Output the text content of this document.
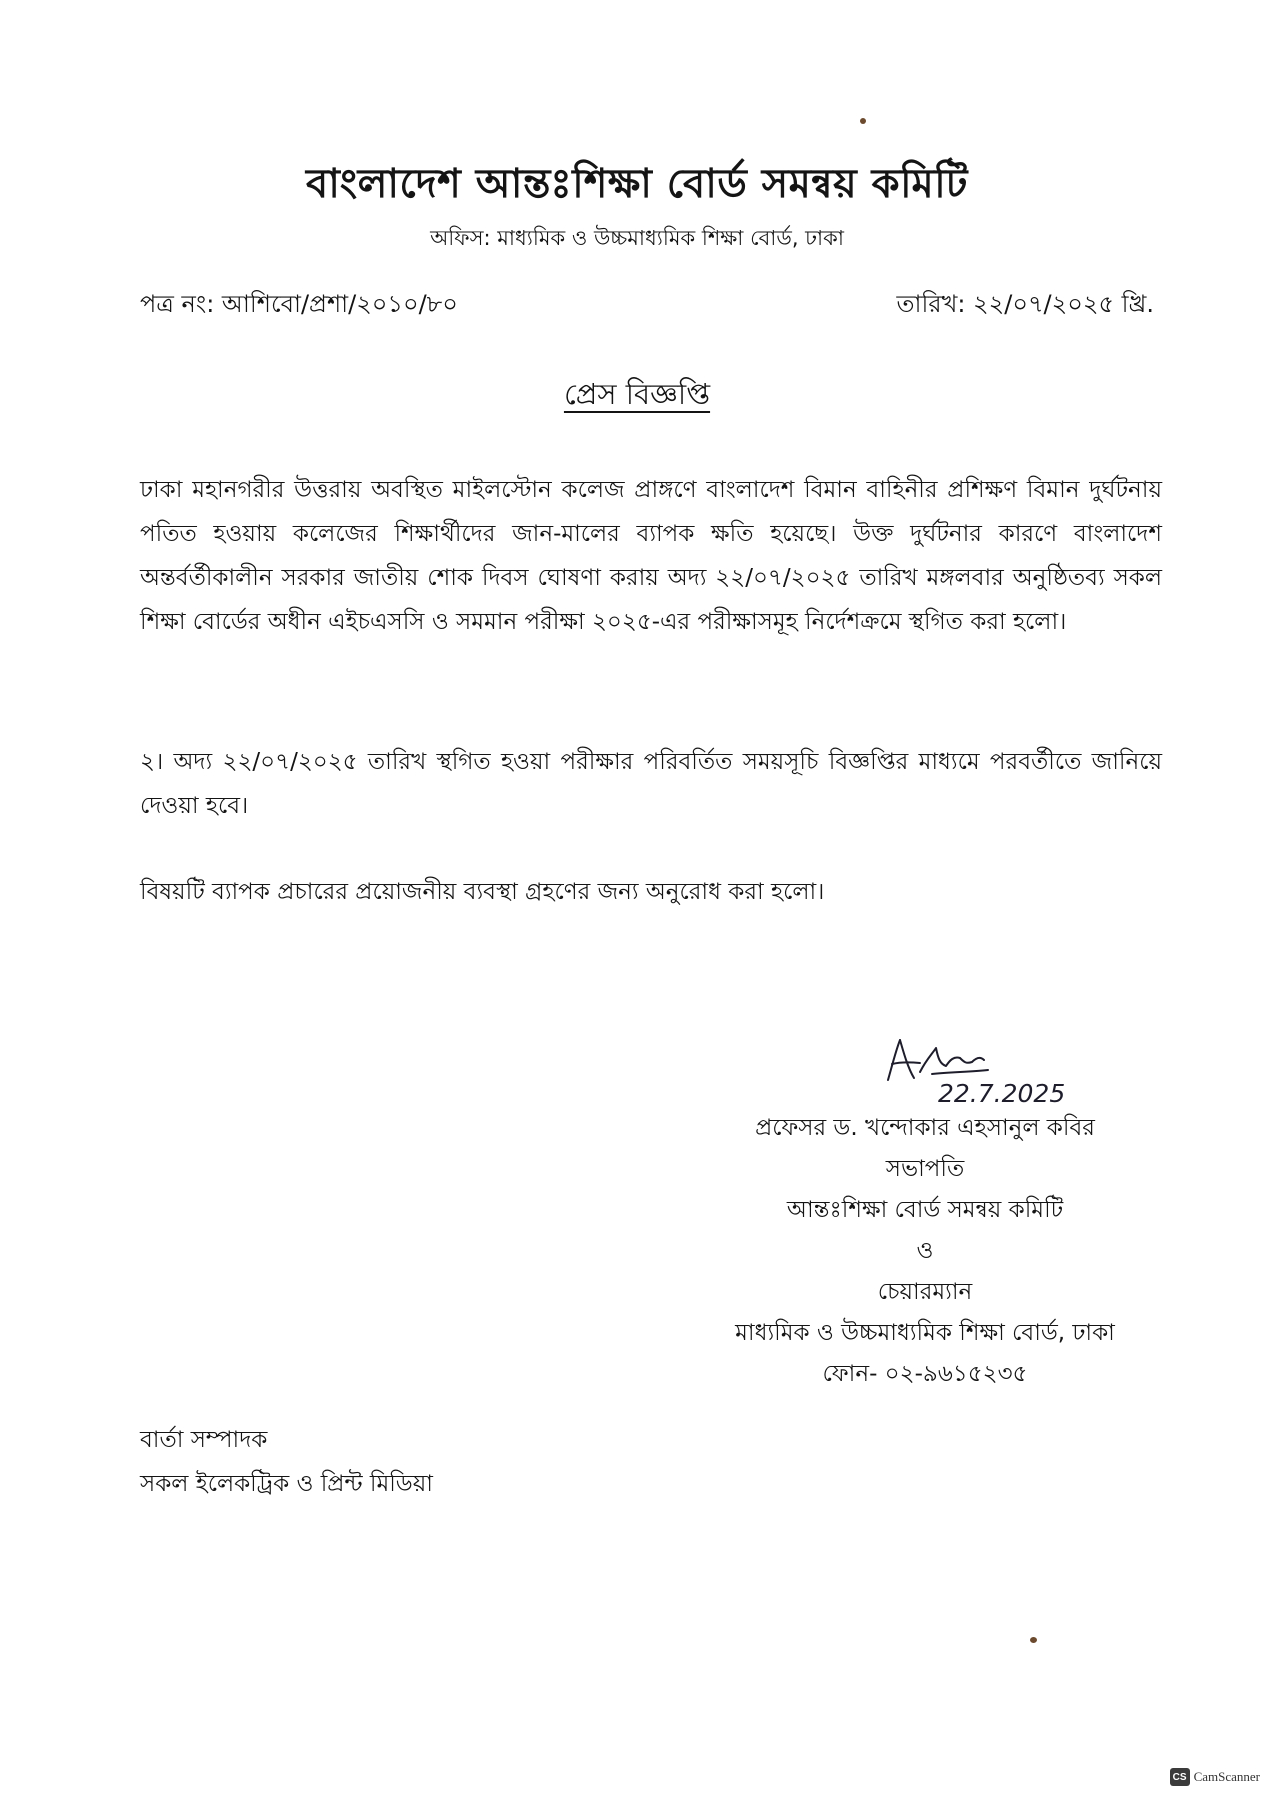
বাংলাদেশ আন্তঃশিক্ষা বোর্ড সমন্বয় কমিটি
অফিস: মাধ্যমিক ও উচ্চমাধ্যমিক শিক্ষা বোর্ড, ঢাকা
পত্র নং: আশিবো/প্রশা/২০১০/৮০	তারিখ: ২২/০৭/২০২৫ খ্রি.
প্রেস বিজ্ঞপ্তি
ঢাকা মহানগরীর উত্তরায় অবস্থিত মাইলস্টোন কলেজ প্রাঙ্গণে বাংলাদেশ বিমান বাহিনীর প্রশিক্ষণ বিমান দুর্ঘটনায় পতিত হওয়ায় কলেজের শিক্ষার্থীদের জান-মালের ব্যাপক ক্ষতি হয়েছে। উক্ত দুর্ঘটনার কারণে বাংলাদেশ অন্তর্বর্তীকালীন সরকার জাতীয় শোক দিবস ঘোষণা করায় অদ্য ২২/০৭/২০২৫ তারিখ মঙ্গলবার অনুষ্ঠিতব্য সকল শিক্ষা বোর্ডের অধীন এইচএসসি ও সমমান পরীক্ষা ২০২৫-এর পরীক্ষাসমূহ নির্দেশক্রমে স্থগিত করা হলো।
২। অদ্য ২২/০৭/২০২৫ তারিখ স্থগিত হওয়া পরীক্ষার পরিবর্তিত সময়সূচি বিজ্ঞপ্তির মাধ্যমে পরবর্তীতে জানিয়ে দেওয়া হবে।
বিষয়টি ব্যাপক প্রচারের প্রয়োজনীয় ব্যবস্থা গ্রহণের জন্য অনুরোধ করা হলো।
22.7.2025
প্রফেসর ড. খন্দোকার এহসানুল কবির
সভাপতি
আন্তঃশিক্ষা বোর্ড সমন্বয় কমিটি
ও
চেয়ারম্যান
মাধ্যমিক ও উচ্চমাধ্যমিক শিক্ষা বোর্ড, ঢাকা
ফোন- ০২-৯৬১৫২৩৫
বার্তা সম্পাদক
সকল ইলেকট্রিক ও প্রিন্ট মিডিয়া
CS CamScanner
